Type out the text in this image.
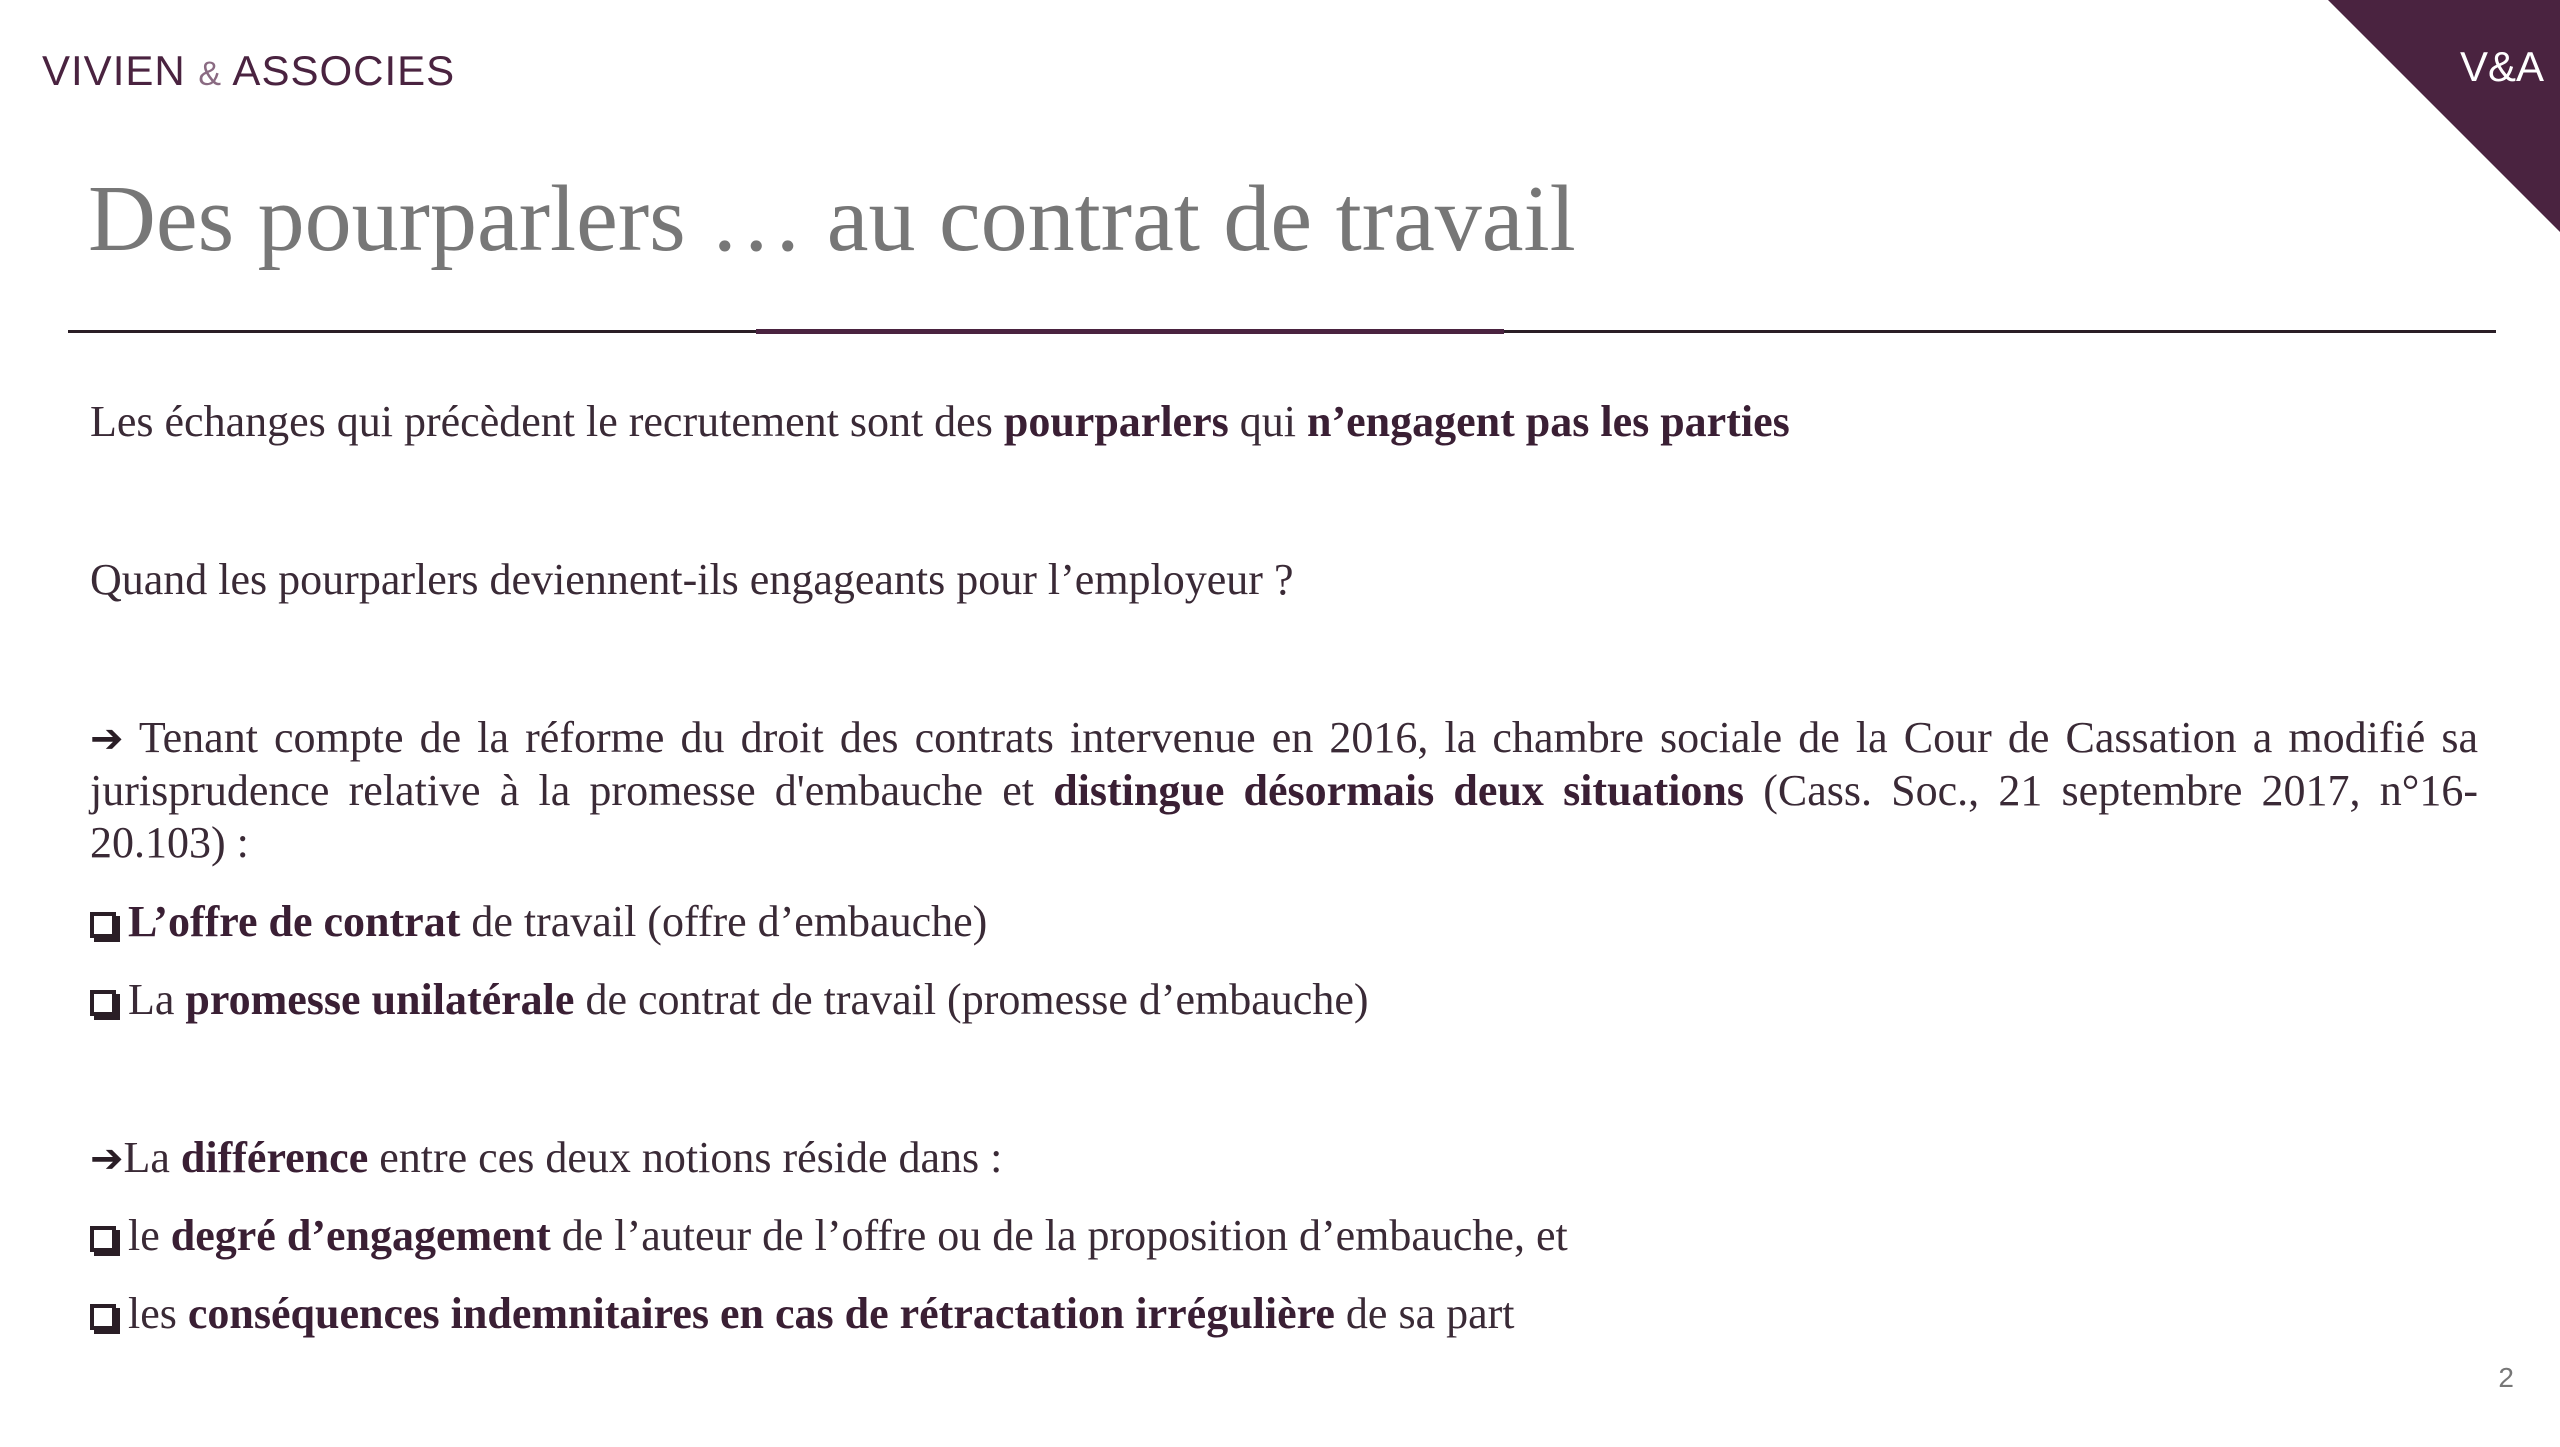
VIVIEN & ASSOCIES	V&A
Des pourparlers … au contrat de travail

Les échanges qui précèdent le recrutement sont des pourparlers qui n’engagent pas les parties

Quand les pourparlers deviennent-ils engageants pour l’employeur ?

➔ Tenant compte de la réforme du droit des contrats intervenue en 2016, la chambre sociale de la Cour de Cassation a modifié sa jurisprudence relative à la promesse d'embauche et distingue désormais deux situations (Cass. Soc., 21 septembre 2017, n°16-20.103) :

L’offre de contrat de travail (offre d’embauche)

La promesse unilatérale de contrat de travail (promesse d’embauche)

➔La différence entre ces deux notions réside dans :

le degré d’engagement de l’auteur de l’offre ou de la proposition d’embauche, et

les conséquences indemnitaires en cas de rétractation irrégulière de sa part

2
